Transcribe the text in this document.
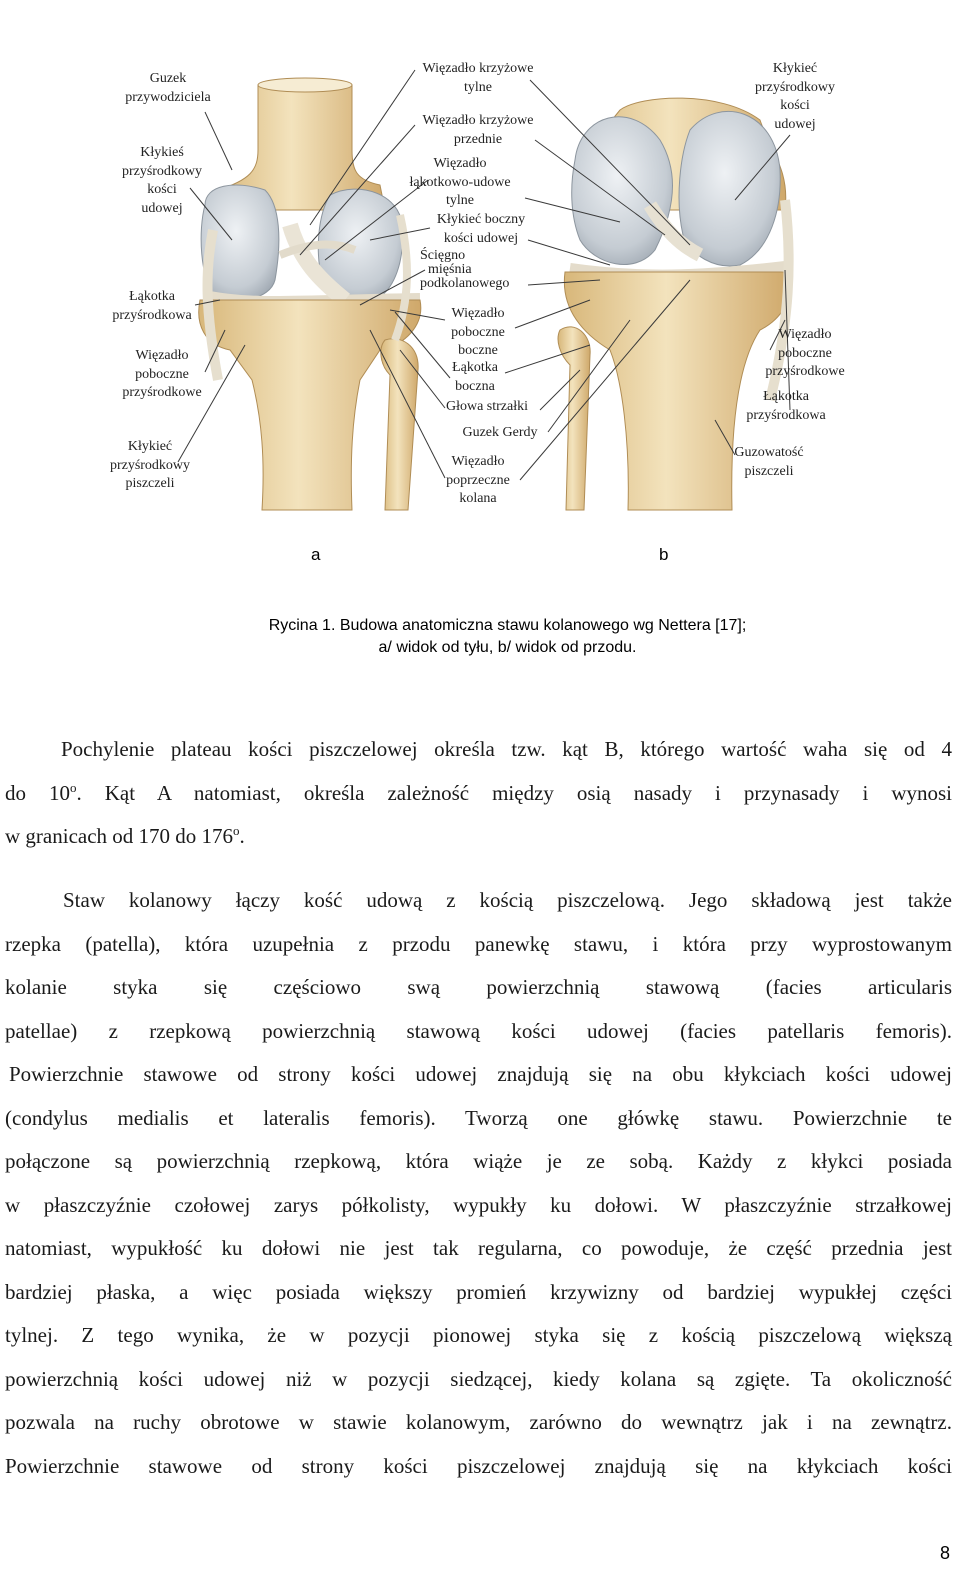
Guzek
przywodziciela
Kłykieś
przyśrodkowy
kości
udowej
Łąkotka
przyśrodkowa
Więzadło
poboczne
przyśrodkowe
Kłykieć
przyśrodkowy
piszczeli
Więzadło krzyżowe
tylne
Więzadło krzyżowe
przednie
Więzadło
łąkotkowo-udowe
tylne
Kłykieć boczny
kości udowej
Ścięgno
mięśnia
podkolanowego
Więzadło
poboczne
boczne
Łąkotka
boczna
Głowa strzałki
Guzek Gerdy
Więzadło
poprzeczne
kolana
Kłykieć
przyśrodkowy
kości
udowej
Więzadło
poboczne
przyśrodkowe
Łąkotka
przyśrodkowa
Guzowatość
piszczeli
a	b
Rycina 1. Budowa anatomiczna stawu kolanowego wg Nettera [17];
a/ widok od tyłu, b/ widok od przodu.
Pochylenie plateau kości piszczelowej określa tzw. kąt B, którego wartość waha się od 4
do 10$^o$. Kąt A natomiast, określa zależność między osią nasady i przynasady i wynosi
w granicach od 170 do 176$^o$.
Staw kolanowy łączy kość udową z kością piszczelową. Jego składową jest także
rzepka (patella), która uzupełnia z przodu panewkę stawu, i która przy wyprostowanym
kolanie styka się częściowo swą powierzchnią stawową (facies articularis
patellae) z rzepkową powierzchnią stawową kości udowej (facies patellaris femoris).
Powierzchnie stawowe od strony kości udowej znajdują się na obu kłykciach kości udowej
(condylus medialis et lateralis femoris). Tworzą one główkę stawu. Powierzchnie te
połączone są powierzchnią rzepkową, która wiąże je ze sobą. Każdy z kłykci posiada
w płaszczyźnie czołowej zarys półkolisty, wypukły ku dołowi. W płaszczyźnie strzałkowej
natomiast, wypukłość ku dołowi nie jest tak regularna, co powoduje, że część przednia jest
bardziej płaska, a więc posiada większy promień krzywizny od bardziej wypukłej części
tylnej. Z tego wynika, że w pozycji pionowej styka się z kością piszczelową większą
powierzchnią kości udowej niż w pozycji siedzącej, kiedy kolana są zgięte. Ta okoliczność
pozwala na ruchy obrotowe w stawie kolanowym, zarówno do wewnątrz jak i na zewnątrz.
Powierzchnie stawowe od strony kości piszczelowej znajdują się na kłykciach kości
8
